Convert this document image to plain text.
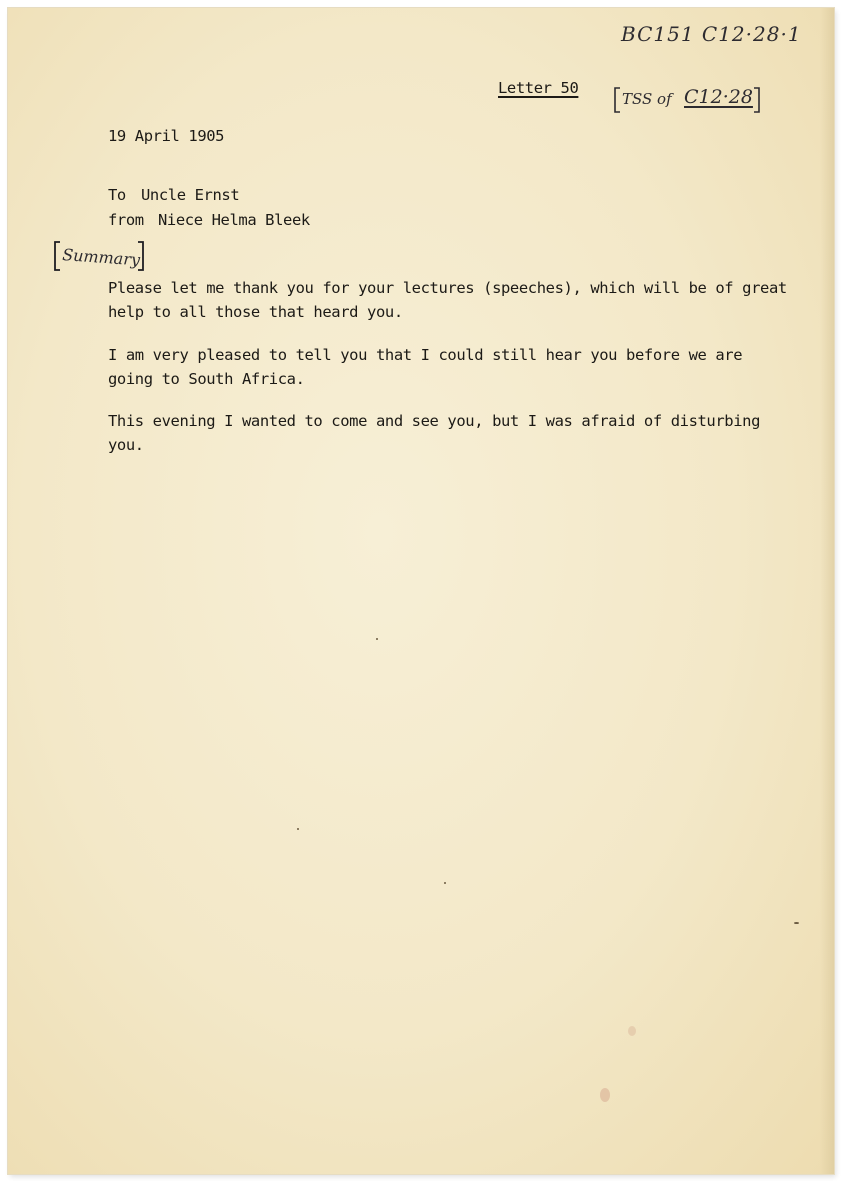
BC151 C12·28·1
Letter 50
TSS of C12·28
19 April 1905
To Uncle Ernst
from Niece Helma Bleek
Summary
Please let me thank you for your lectures (speeches), which will be of great
help to all those that heard you.
I am very pleased to tell you that I could still hear you before we are
going to South Africa.
This evening I wanted to come and see you, but I was afraid of disturbing
you.
